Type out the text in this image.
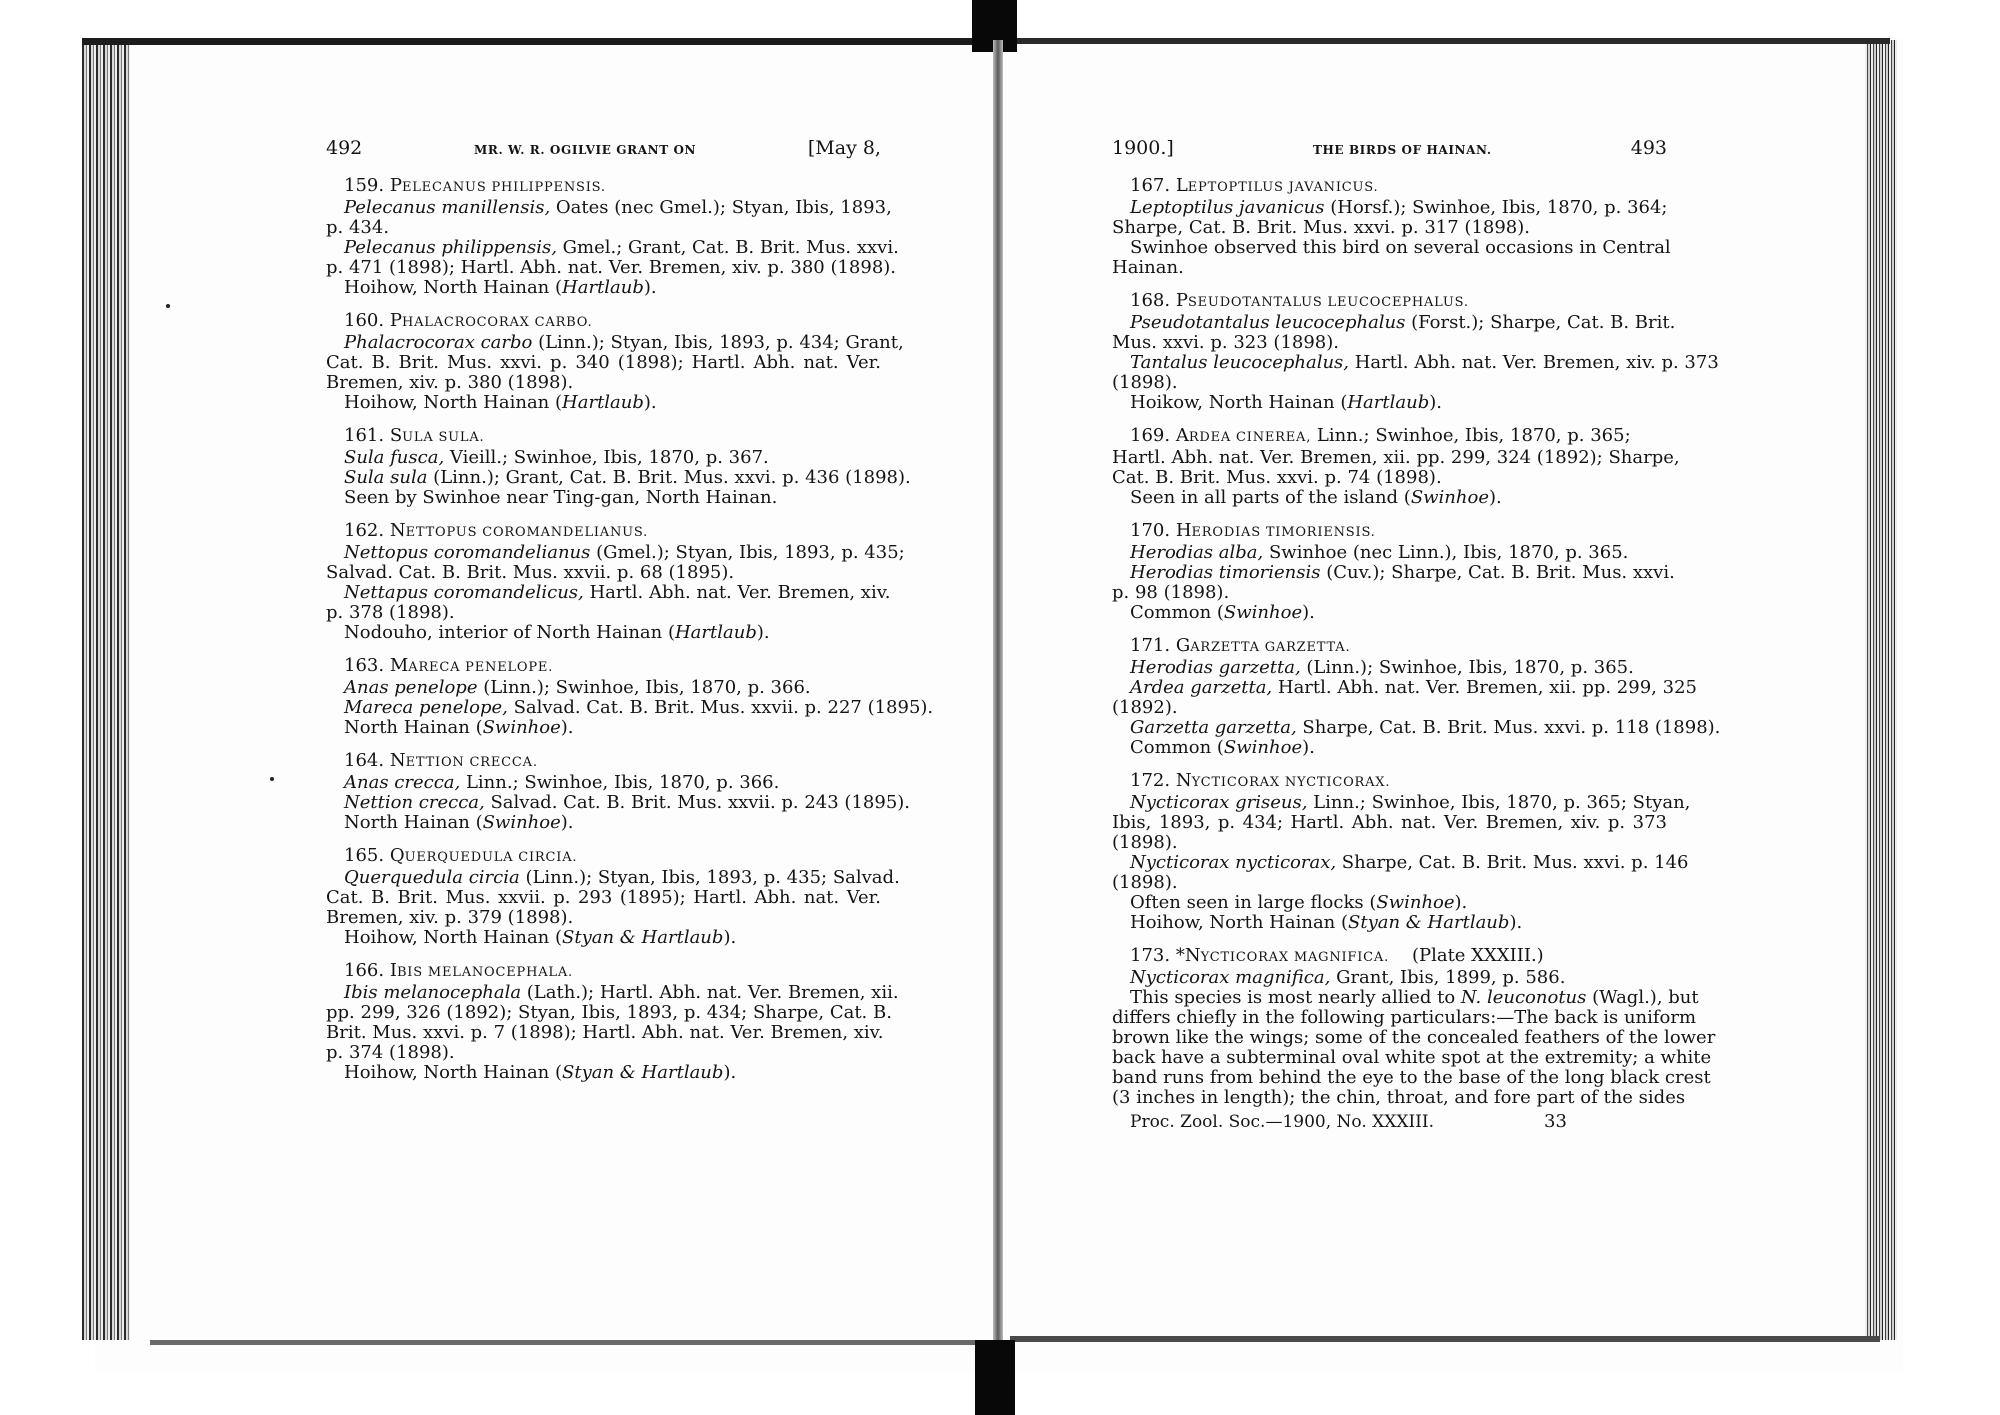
492	MR. W. R. OGILVIE GRANT ON	[May 8,

159. PELECANUS PHILIPPENSIS.

Pelecanus manillensis, Oates (nec Gmel.); Styan, Ibis, 1893,
p. 434.

Pelecanus philippensis, Gmel.; Grant, Cat. B. Brit. Mus. xxvi.
p. 471 (1898); Hartl. Abh. nat. Ver. Bremen, xiv. p. 380 (1898).

Hoihow, North Hainan (Hartlaub).

160. PHALACROCORAX CARBO.

Phalacrocorax carbo (Linn.); Styan, Ibis, 1893, p. 434; Grant,
Cat. B. Brit. Mus. xxvi. p. 340 (1898); Hartl. Abh. nat. Ver.
Bremen, xiv. p. 380 (1898).

Hoihow, North Hainan (Hartlaub).

161. SULA SULA.

Sula fusca, Vieill.; Swinhoe, Ibis, 1870, p. 367.

Sula sula (Linn.); Grant, Cat. B. Brit. Mus. xxvi. p. 436 (1898).

Seen by Swinhoe near Ting-gan, North Hainan.

162. NETTOPUS COROMANDELIANUS.

Nettopus coromandelianus (Gmel.); Styan, Ibis, 1893, p. 435;
Salvad. Cat. B. Brit. Mus. xxvii. p. 68 (1895).

Nettapus coromandelicus, Hartl. Abh. nat. Ver. Bremen, xiv.
p. 378 (1898).

Nodouho, interior of North Hainan (Hartlaub).

163. MARECA PENELOPE.

Anas penelope (Linn.); Swinhoe, Ibis, 1870, p. 366.

Mareca penelope, Salvad. Cat. B. Brit. Mus. xxvii. p. 227 (1895).

North Hainan (Swinhoe).

164. NETTION CRECCA.

Anas crecca, Linn.; Swinhoe, Ibis, 1870, p. 366.

Nettion crecca, Salvad. Cat. B. Brit. Mus. xxvii. p. 243 (1895).

North Hainan (Swinhoe).

165. QUERQUEDULA CIRCIA.

Querquedula circia (Linn.); Styan, Ibis, 1893, p. 435; Salvad.
Cat. B. Brit. Mus. xxvii. p. 293 (1895); Hartl. Abh. nat. Ver.
Bremen, xiv. p. 379 (1898).

Hoihow, North Hainan (Styan & Hartlaub).

166. IBIS MELANOCEPHALA.

Ibis melanocephala (Lath.); Hartl. Abh. nat. Ver. Bremen, xii.
pp. 299, 326 (1892); Styan, Ibis, 1893, p. 434; Sharpe, Cat. B.
Brit. Mus. xxvi. p. 7 (1898); Hartl. Abh. nat. Ver. Bremen, xiv.
p. 374 (1898).

Hoihow, North Hainan (Styan & Hartlaub).

1900.]	THE BIRDS OF HAINAN.	493

167. LEPTOPTILUS JAVANICUS.

Leptoptilus javanicus (Horsf.); Swinhoe, Ibis, 1870, p. 364;
Sharpe, Cat. B. Brit. Mus. xxvi. p. 317 (1898).

Swinhoe observed this bird on several occasions in Central
Hainan.

168. PSEUDOTANTALUS LEUCOCEPHALUS.

Pseudotantalus leucocephalus (Forst.); Sharpe, Cat. B. Brit.
Mus. xxvi. p. 323 (1898).

Tantalus leucocephalus, Hartl. Abh. nat. Ver. Bremen, xiv. p. 373
(1898).

Hoikow, North Hainan (Hartlaub).

169. ARDEA CINEREA, Linn.; Swinhoe, Ibis, 1870, p. 365;

Hartl. Abh. nat. Ver. Bremen, xii. pp. 299, 324 (1892); Sharpe,
Cat. B. Brit. Mus. xxvi. p. 74 (1898).

Seen in all parts of the island (Swinhoe).

170. HERODIAS TIMORIENSIS.

Herodias alba, Swinhoe (nec Linn.), Ibis, 1870, p. 365.

Herodias timoriensis (Cuv.); Sharpe, Cat. B. Brit. Mus. xxvi.
p. 98 (1898).

Common (Swinhoe).

171. GARZETTA GARZETTA.

Herodias garzetta, (Linn.); Swinhoe, Ibis, 1870, p. 365.

Ardea garzetta, Hartl. Abh. nat. Ver. Bremen, xii. pp. 299, 325
(1892).

Garzetta garzetta, Sharpe, Cat. B. Brit. Mus. xxvi. p. 118 (1898).

Common (Swinhoe).

172. NYCTICORAX NYCTICORAX.

Nycticorax griseus, Linn.; Swinhoe, Ibis, 1870, p. 365; Styan,
Ibis, 1893, p. 434; Hartl. Abh. nat. Ver. Bremen, xiv. p. 373
(1898).

Nycticorax nycticorax, Sharpe, Cat. B. Brit. Mus. xxvi. p. 146
(1898).

Often seen in large flocks (Swinhoe).

Hoihow, North Hainan (Styan & Hartlaub).

173. *NYCTICORAX MAGNIFICA.    (Plate XXXIII.)

Nycticorax magnifica, Grant, Ibis, 1899, p. 586.

This species is most nearly allied to N. leuconotus (Wagl.), but
differs chiefly in the following particulars:—The back is uniform
brown like the wings; some of the concealed feathers of the lower
back have a subterminal oval white spot at the extremity; a white
band runs from behind the eye to the base of the long black crest
(3 inches in length); the chin, throat, and fore part of the sides

Proc. Zool. Soc.—1900, No. XXXIII.	33
